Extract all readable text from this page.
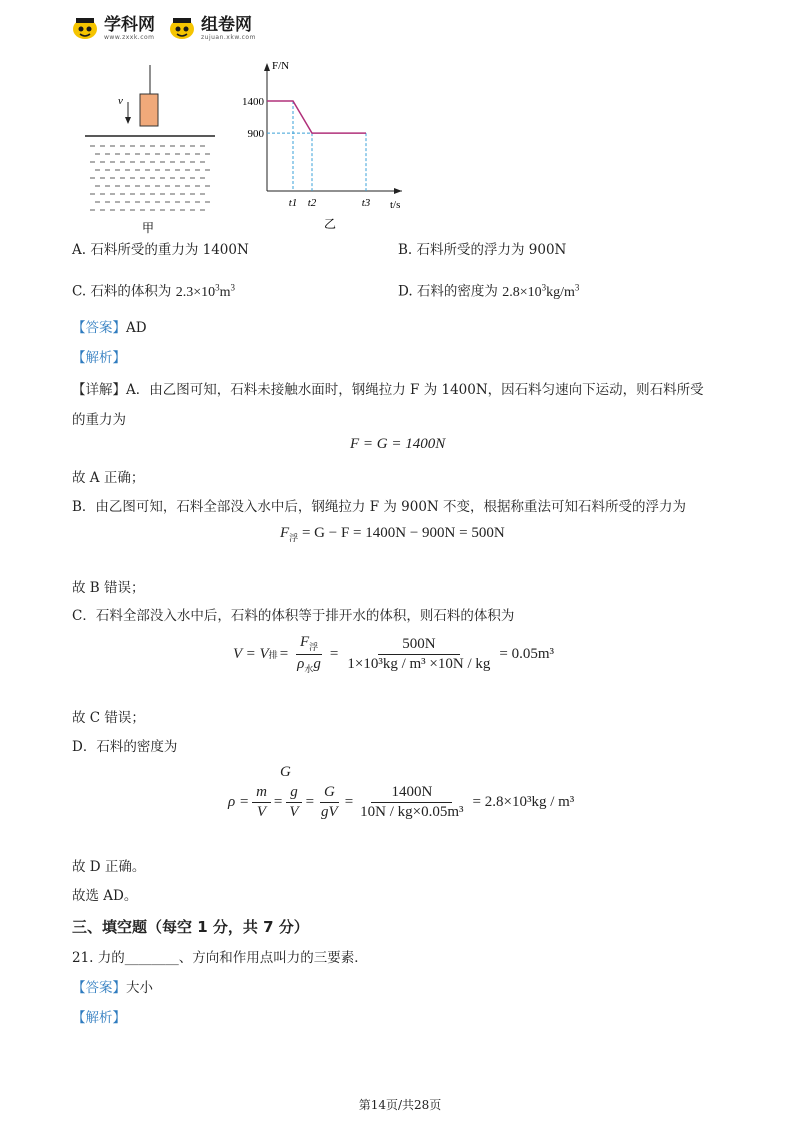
学科网
www.zxxk.com
组卷网
zujuan.xkw.com
v
甲
F/N
t/s
1400
900
t1 t2	t3
乙
A. 石料所受的重力为 1400N	B. 石料所受的浮力为 900N
C. 石料的体积为 $2.3\times 10^3m^3$	D. 石料的密度为 $2.8\times 10^3kg/m^3$
【答案】AD
【解析】
【详解】A．由乙图可知，石料未接触水面时，钢绳拉力 F 为 1400N，因石料匀速向下运动，则石料所受
的重力为
F = G = 1400N
故 A 正确；
B．由乙图可知，石料全部没入水中后，钢绳拉力 F 为 900N 不变，根据称重法可知石料所受的浮力为
$F_浮 = G - F = 1400N - 900N = 500N$
故 B 错误；
C．石料全部没入水中后，石料的体积等于排开水的体积，则石料的体积为
V = V 排 = $\frac{F_浮}{\rho_水g} = \frac{500N}{\text{1×10³kg / m³ ×10N / kg}} = 0.05m^3$
故 C 错误；
D．石料的密度为
G
$\rho = \frac{m}{V} = \frac{g}{V} = \frac{G}{gV} = \frac{1400N}{\text{10N / kg×0.05m³}} = 2.8\times 10^3kg / m^3$
故 D 正确。
故选 AD。
三、填空题（每空 1 分，共 7 分）
21. 力的________、方向和作用点叫力的三要素．
【答案】大小
【解析】
第14页/共28页
